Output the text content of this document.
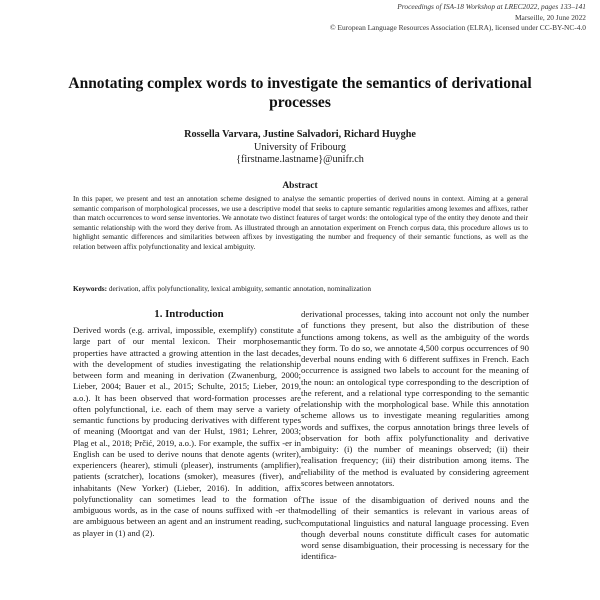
Proceedings of ISA-18 Workshop at LREC2022, pages 133–141
Marseille, 20 June 2022
© European Language Resources Association (ELRA), licensed under CC-BY-NC-4.0
Annotating complex words to investigate the semantics of derivational processes
Rossella Varvara, Justine Salvadori, Richard Huyghe
University of Fribourg
{firstname.lastname}@unifr.ch
Abstract
In this paper, we present and test an annotation scheme designed to analyse the semantic properties of derived nouns in context. Aiming at a general semantic comparison of morphological processes, we use a descriptive model that seeks to capture semantic regularities among lexemes and affixes, rather than match occurrences to word sense inventories. We annotate two distinct features of target words: the ontological type of the entity they denote and their semantic relationship with the word they derive from. As illustrated through an annotation experiment on French corpus data, this procedure allows us to highlight semantic differences and similarities between affixes by investigating the number and frequency of their semantic functions, as well as the relation between affix polyfunctionality and lexical ambiguity.
Keywords: derivation, affix polyfunctionality, lexical ambiguity, semantic annotation, nominalization
1. Introduction

Derived words (e.g. arrival, impossible, exemplify) constitute a large part of our mental lexicon. Their morphosemantic properties have attracted a growing attention in the last decades, with the development of studies investigating the relationship between form and meaning in derivation (Zwanenburg, 2000; Lieber, 2004; Bauer et al., 2015; Schulte, 2015; Lieber, 2019, a.o.). It has been observed that word-formation processes are often polyfunctional, i.e. each of them may serve a variety of semantic functions by producing derivatives with different types of meaning (Moortgat and van der Hulst, 1981; Lehrer, 2003; Plag et al., 2018; Prčić, 2019, a.o.). For example, the suffix -er in English can be used to derive nouns that denote agents (writer), experiencers (hearer), stimuli (pleaser), instruments (amplifier), patients (scratcher), locations (smoker), measures (fiver), and inhabitants (New Yorker) (Lieber, 2016). In addition, affix polyfunctionality can sometimes lead to the formation of ambiguous words, as in the case of nouns suffixed with -er that are ambiguous between an agent and an instrument reading, such as player in (1) and (2).

derivational processes, taking into account not only the number of functions they present, but also the distribution of these functions among tokens, as well as the ambiguity of the words they form. To do so, we annotate 4,500 corpus occurrences of 90 deverbal nouns ending with 6 different suffixes in French. Each occurrence is assigned two labels to account for the meaning of the noun: an ontological type corresponding to the description of the referent, and a relational type corresponding to the semantic relationship with the morphological base. While this annotation scheme allows us to investigate meaning regularities among words and suffixes, the corpus annotation brings three levels of observation for both affix polyfunctionality and derivative ambiguity: (i) the number of meanings observed; (ii) their realisation frequency; (iii) their distribution among items. The reliability of the method is evaluated by considering agreement scores between annotators.

The issue of the disambiguation of derived nouns and the modelling of their semantics is relevant in various areas of computational linguistics and natural language processing. Even though deverbal nouns constitute difficult cases for automatic word sense disambiguation, their processing is necessary for the identifica-
